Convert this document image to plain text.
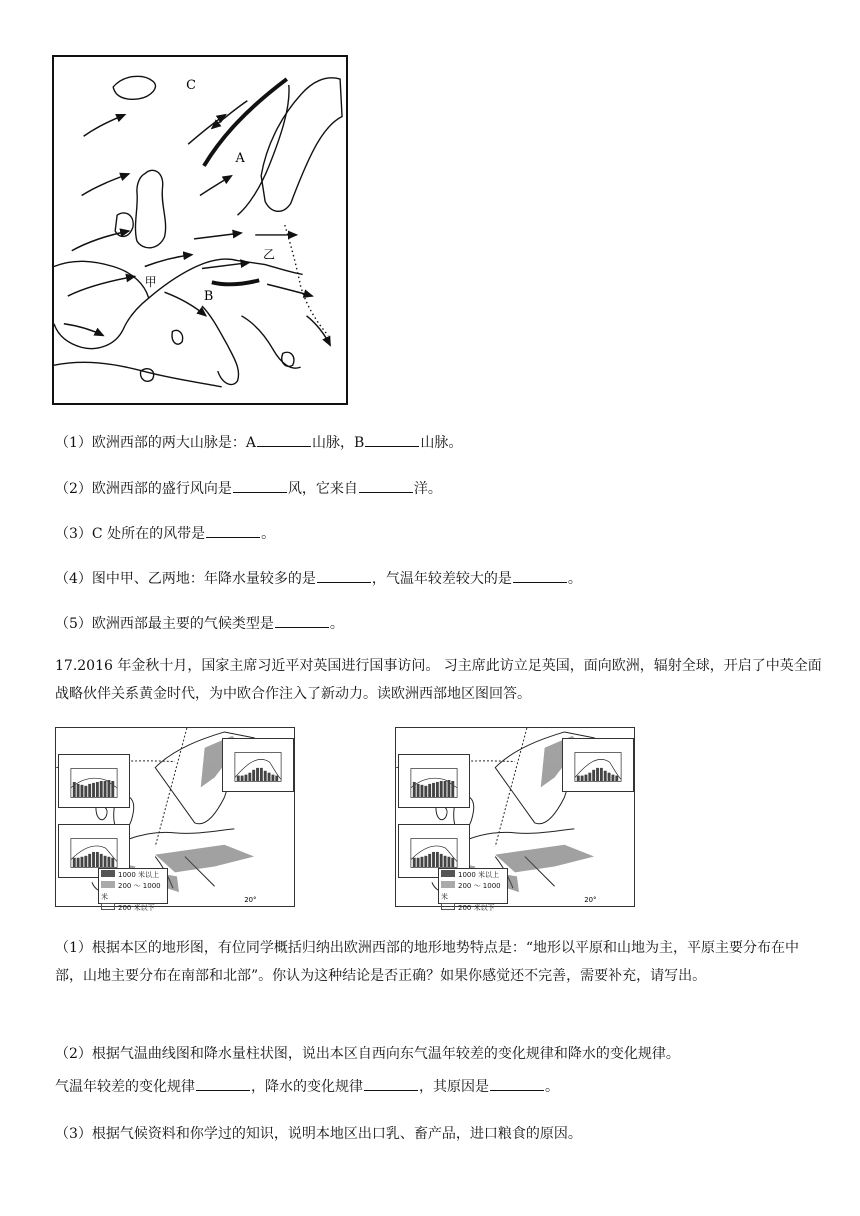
C
A
B
甲
乙
（1）欧洲西部的两大山脉是：A	山脉，B	山脉。
（2）欧洲西部的盛行风向是	风，它来自	洋。
（3）C 处所在的风带是	。
（4）图中甲、乙两地：年降水量较多的是	，气温年较差较大的是	。
（5）欧洲西部最主要的气候类型是	。
17.2016 年金秋十月，国家主席习近平对英国进行国事访问。 习主席此访立足英国，面向欧洲，辐射全球，开启了中英全面战略伙伴关系黄金时代，为中欧合作注入了新动力。读欧洲西部地区图回答。
20°
1000 米以上
200 ～ 1000 米
200 米以下
20°
1000 米以上
200 ～ 1000 米
200 米以下
（1）根据本区的地形图，有位同学概括归纳出欧洲西部的地形地势特点是：“地形以平原和山地为主，平原主要分布在中部，山地主要分布在南部和北部”。你认为这种结论是否正确？如果你感觉还不完善，需要补充，请写出。
（2）根据气温曲线图和降水量柱状图，说出本区自西向东气温年较差的变化规律和降水的变化规律。
气温年较差的变化规律	，降水的变化规律	，其原因是	。
（3）根据气候资料和你学过的知识，说明本地区出口乳、畜产品，进口粮食的原因。
